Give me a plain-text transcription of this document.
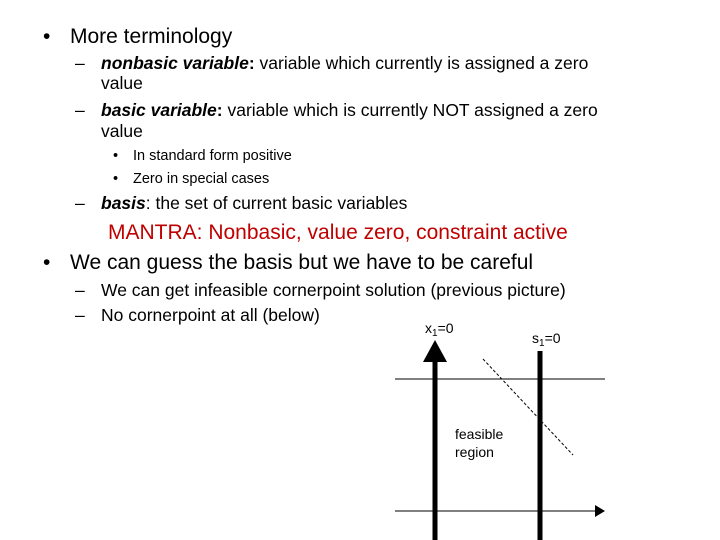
• More terminology
– nonbasic variable: variable which currently is assigned a zero
value
– basic variable: variable which is currently NOT assigned a zero
value
• In standard form positive
• Zero in special cases
– basis: the set of current basic variables
MANTRA: Nonbasic, value zero, constraint active
• We can guess the basis but we have to be careful
– We can get infeasible cornerpoint solution (previous picture)
– No cornerpoint at all (below)
$x_1=0$
$s_1=0$
feasible
region
